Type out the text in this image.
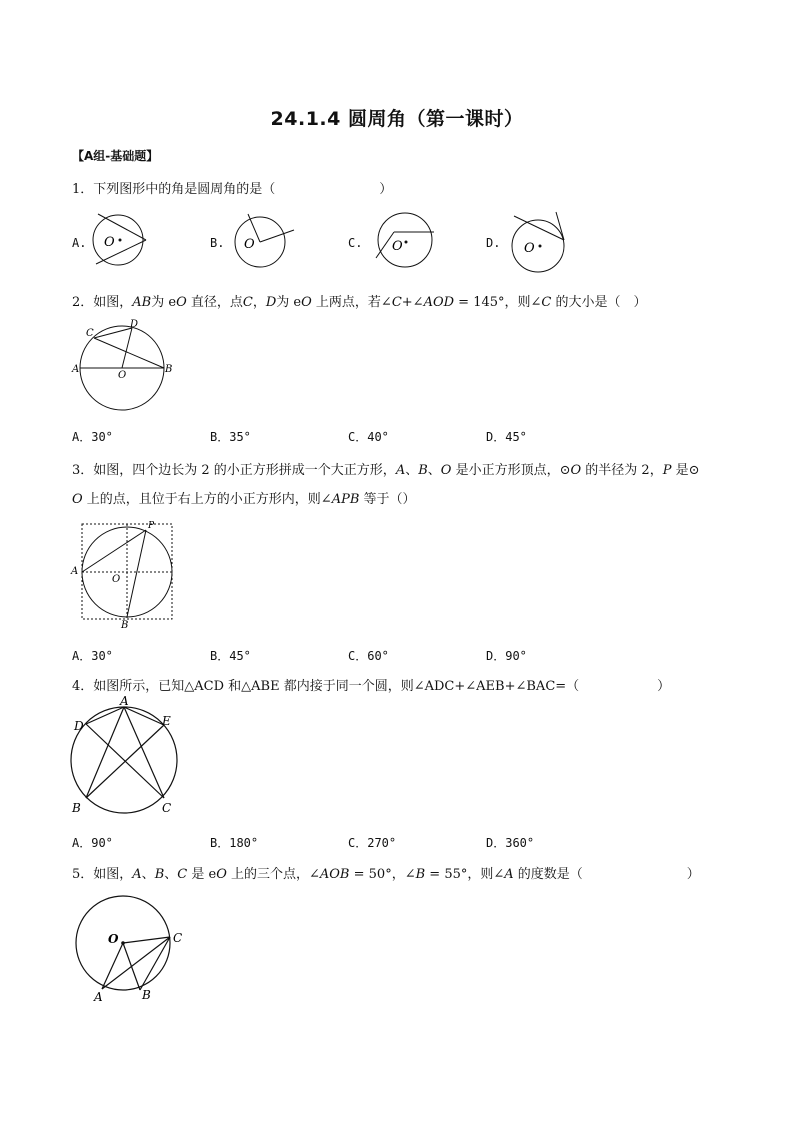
24.1.4 圆周角（第一课时）
【A组-基础题】
1．下列图形中的角是圆周角的是（　　　　　　　　）
A. O	B. O	C. O	D. O
2．如图，AB为 eO 直径，点C，D为 eO 上两点，若∠C+∠AOD = 145°，则∠C 的大小是（　）
C
D
A
O
B
A．30°	B．35°	C．40°	D．45°
3．如图，四个边长为 2 的小正方形拼成一个大正方形，A、B、O 是小正方形顶点，⊙O 的半径为 2，P 是⊙
O 上的点，且位于右上方的小正方形内，则∠APB 等于（）
P
A
O
B
A．30°	B．45°	C．60°	D．90°
4．如图所示，已知△ACD 和△ABE 都内接于同一个圆，则∠ADC+∠AEB+∠BAC=（　　　　　　）
A
D	E
B	C
A．90°	B．180°	C．270°	D．360°
5．如图，A、B、C 是 eO 上的三个点，∠AOB = 50°，∠B = 55°，则∠A 的度数是（　　　　　　　　）
O	C
A	B
